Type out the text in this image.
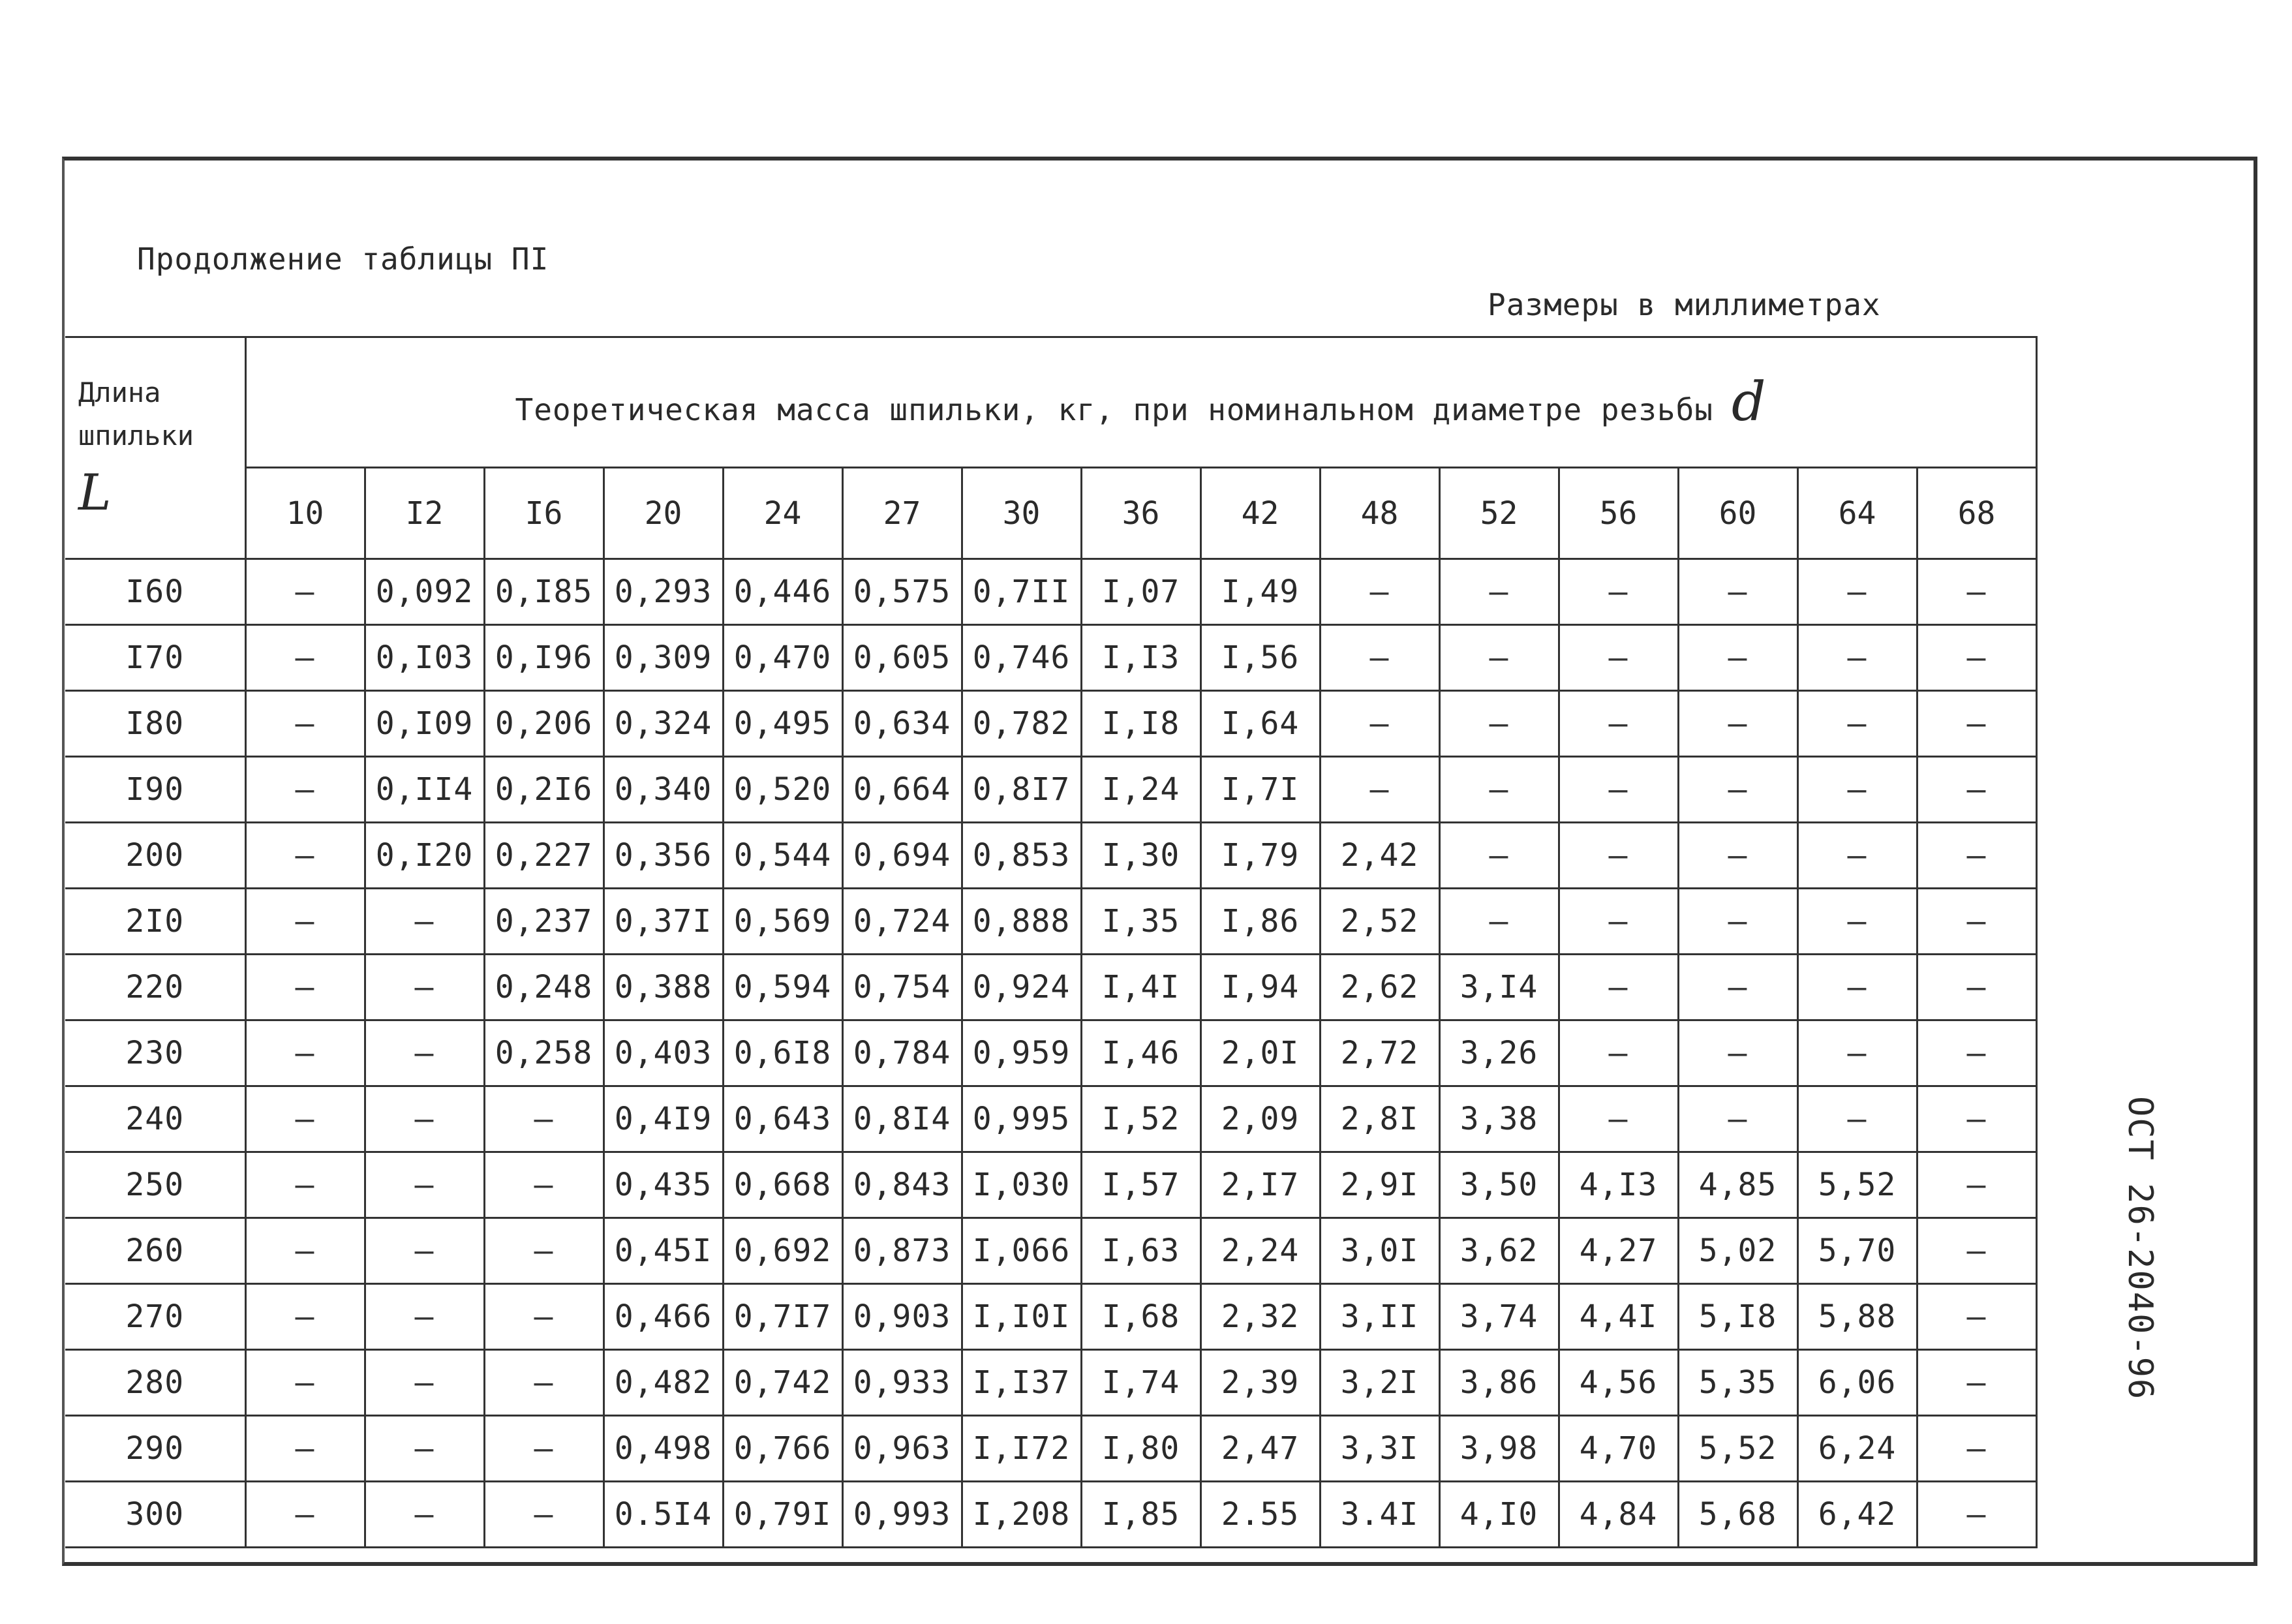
Продолжение таблицы ПI
Размеры в миллиметрах
ОСТ 26-2040-96
Длина шпильки
L	Теоретическая масса шпильки, кг, при номинальном диаметре резьбы d														
	10	I2	I6	20	24	27	30	36	42	48	52	56	60	64	68
I60	–	0,092	0,I85	0,293	0,446	0,575	0,7II	I,07	I,49	–	–	–	–	–	–
I70	–	0,I03	0,I96	0,309	0,470	0,605	0,746	I,I3	I,56	–	–	–	–	–	–
I80	–	0,I09	0,206	0,324	0,495	0,634	0,782	I,I8	I,64	–	–	–	–	–	–
I90	–	0,II4	0,2I6	0,340	0,520	0,664	0,8I7	I,24	I,7I	–	–	–	–	–	–
200	–	0,I20	0,227	0,356	0,544	0,694	0,853	I,30	I,79	2,42	–	–	–	–	–
2I0	–	–	0,237	0,37I	0,569	0,724	0,888	I,35	I,86	2,52	–	–	–	–	–
220	–	–	0,248	0,388	0,594	0,754	0,924	I,4I	I,94	2,62	3,I4	–	–	–	–
230	–	–	0,258	0,403	0,6I8	0,784	0,959	I,46	2,0I	2,72	3,26	–	–	–	–
240	–	–	–	0,4I9	0,643	0,8I4	0,995	I,52	2,09	2,8I	3,38	–	–	–	–
250	–	–	–	0,435	0,668	0,843	I,030	I,57	2,I7	2,9I	3,50	4,I3	4,85	5,52	–
260	–	–	–	0,45I	0,692	0,873	I,066	I,63	2,24	3,0I	3,62	4,27	5,02	5,70	–
270	–	–	–	0,466	0,7I7	0,903	I,I0I	I,68	2,32	3,II	3,74	4,4I	5,I8	5,88	–
280	–	–	–	0,482	0,742	0,933	I,I37	I,74	2,39	3,2I	3,86	4,56	5,35	6,06	–
290	–	–	–	0,498	0,766	0,963	I,I72	I,80	2,47	3,3I	3,98	4,70	5,52	6,24	–
300	–	–	–	0.5I4	0,79I	0,993	I,208	I,85	2.55	3.4I	4,I0	4,84	5,68	6,42	–
